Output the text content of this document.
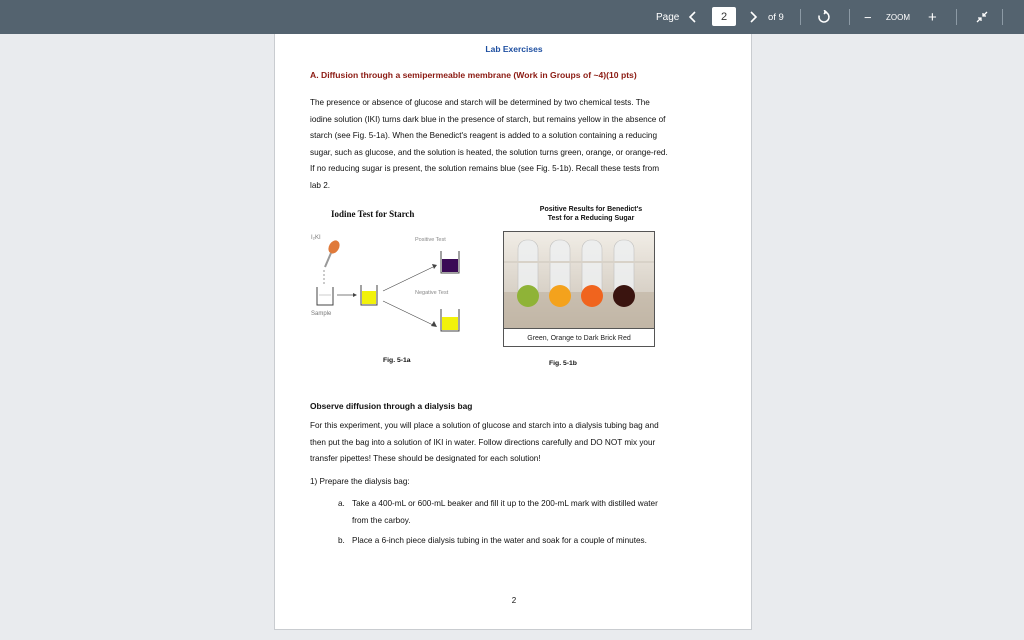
Page	2	of 9	− ZOOM +
Lab Exercises
A. Diffusion through a semipermeable membrane (Work in Groups of ~4)(10 pts)
The presence or absence of glucose and starch will be determined by two chemical tests. The
iodine solution (IKI) turns dark blue in the presence of starch, but remains yellow in the absence of
starch (see Fig. 5-1a). When the Benedict's reagent is added to a solution containing a reducing
sugar, such as glucose, and the solution is heated, the solution turns green, orange, or orange-red.
If no reducing sugar is present, the solution remains blue (see Fig. 5-1b). Recall these tests from
lab 2.
Iodine Test for Starch
I₂KI
Sample
Positive Test
Negative Test
Fig. 5-1a
Positive Results for Benedict's
Test for a Reducing Sugar
Green, Orange to Dark Brick Red
Fig. 5-1b
Observe diffusion through a dialysis bag
For this experiment, you will place a solution of glucose and starch into a dialysis tubing bag and
then put the bag into a solution of IKI in water. Follow directions carefully and DO NOT mix your
transfer pipettes! These should be designated for each solution!
1) Prepare the dialysis bag:
a. Take a 400-mL or 600-mL beaker and fill it up to the 200-mL mark with distilled water
from the carboy.
b. Place a 6-inch piece dialysis tubing in the water and soak for a couple of minutes.
2
